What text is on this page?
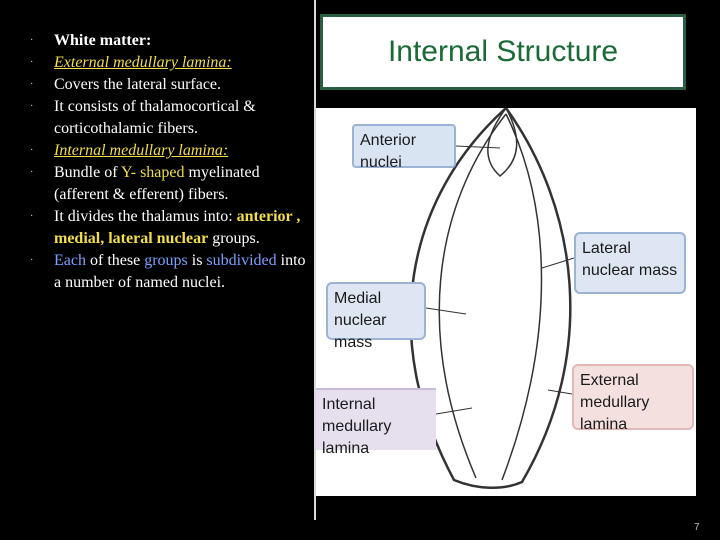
· White matter:
· External medullary lamina:
· Covers the lateral surface.
· It consists of thalamocortical & corticothalamic fibers.
· Internal medullary lamina:
· Bundle of Y- shaped myelinated (afferent & efferent) fibers.
· It divides the thalamus into: anterior , medial, lateral nuclear groups.
· Each of these groups is subdivided into a number of named nuclei.
Internal Structure
Anterior nuclei
Medial nuclear mass
Internal medullary lamina
Lateral nuclear mass
External medullary lamina
7
